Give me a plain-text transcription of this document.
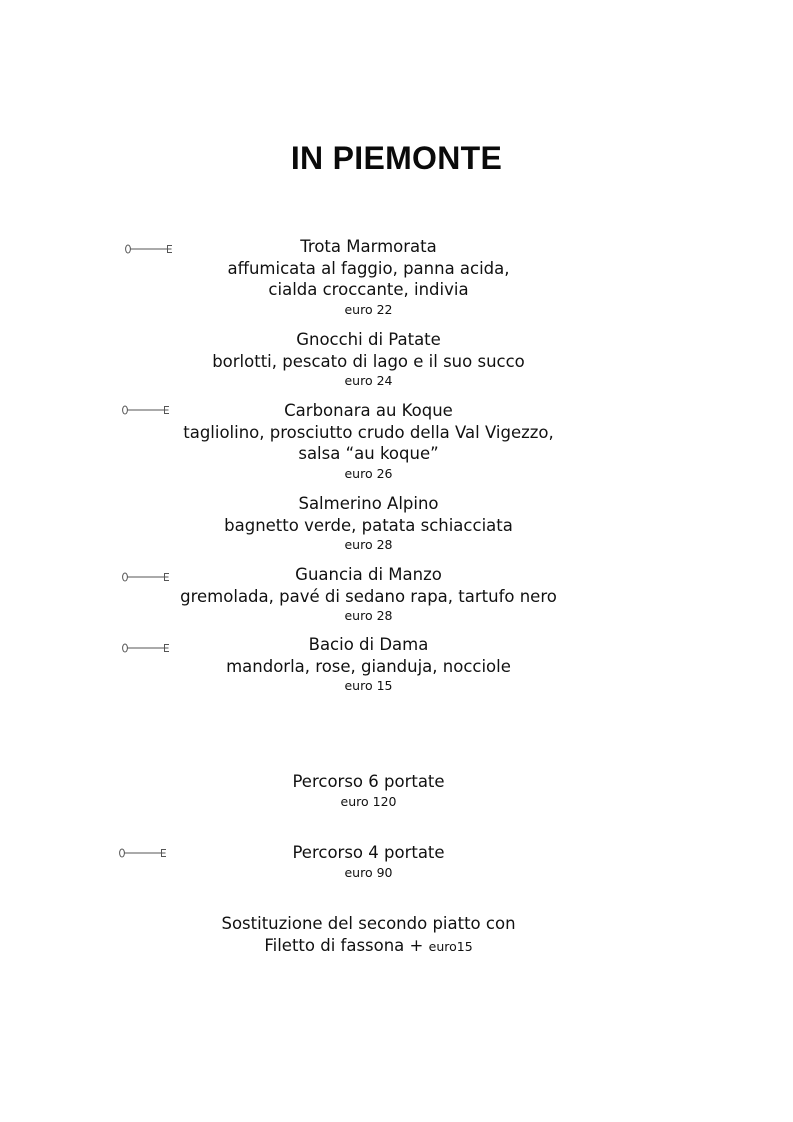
IN PIEMONTE
Trota Marmorata
affumicata al faggio, panna acida,
cialda croccante, indivia
euro 22
Gnocchi di Patate
borlotti, pescato di lago e il suo succo
euro 24
Carbonara au Koque
tagliolino, prosciutto crudo della Val Vigezzo,
salsa “au koque”
euro 26
Salmerino Alpino
bagnetto verde, patata schiacciata
euro 28
Guancia di Manzo
gremolada, pavé di sedano rapa, tartufo nero
euro 28
Bacio di Dama
mandorla, rose, gianduja, nocciole
euro 15
Percorso 6 portate
euro 120
Percorso 4 portate
euro 90
Sostituzione del secondo piatto con
Filetto di fassona + euro15
